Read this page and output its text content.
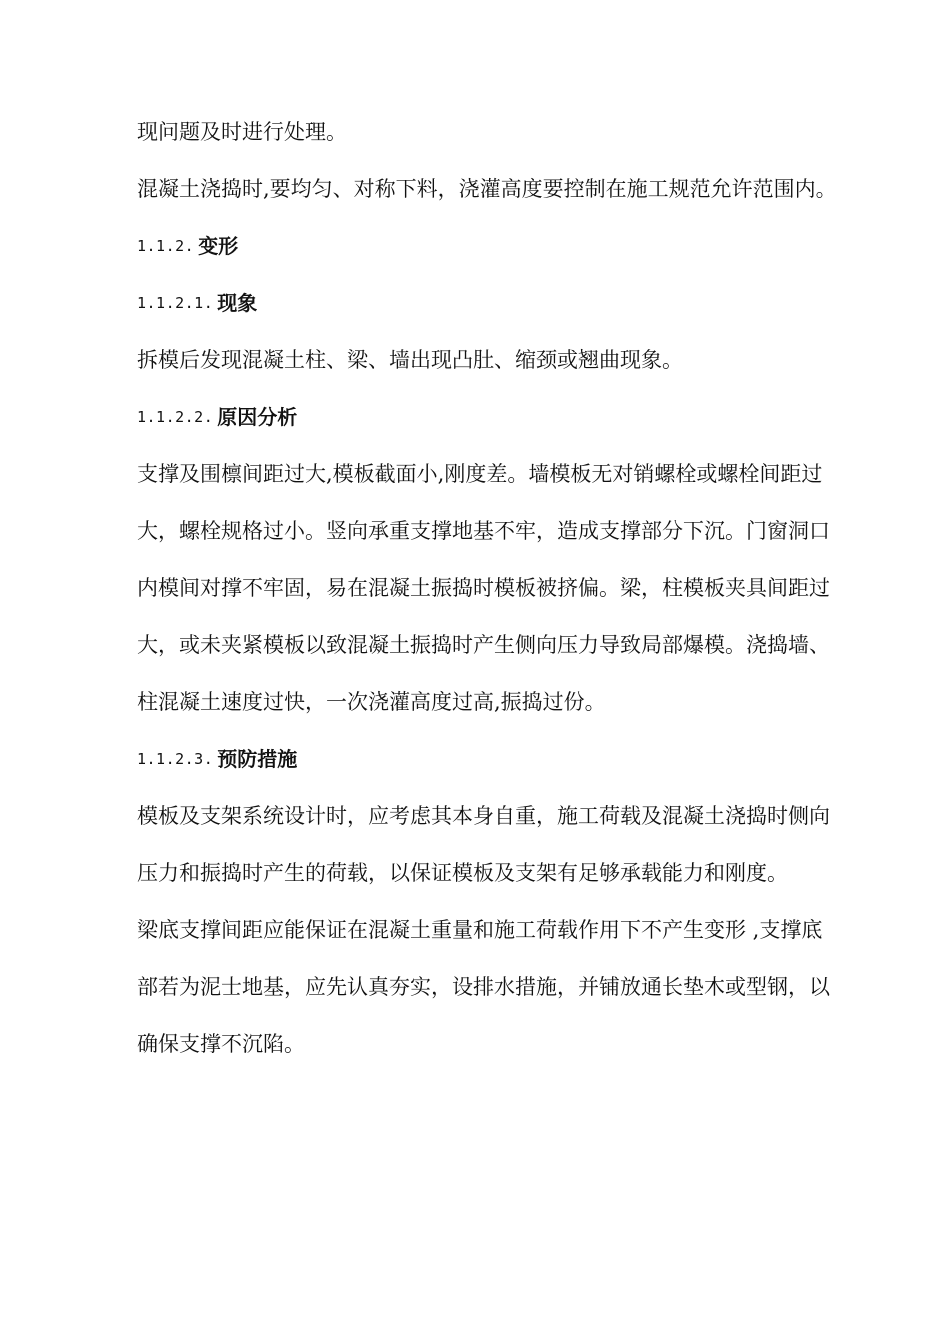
现问题及时进行处理。

混凝土浇捣时,要均匀、对称下料，浇灌高度要控制在施工规范允许范围内。

1.1.2. 变形
1.1.2.1. 现象

拆模后发现混凝土柱、梁、墙出现凸肚、缩颈或翘曲现象。

1.1.2.2. 原因分析

支撑及围檩间距过大,模板截面小,刚度差。墙模板无对销螺栓或螺栓间距过大，螺栓规格过小。竖向承重支撑地基不牢，造成支撑部分下沉。门窗洞口内模间对撑不牢固，易在混凝土振捣时模板被挤偏。梁，柱模板夹具间距过大，或未夹紧模板以致混凝土振捣时产生侧向压力导致局部爆模。浇捣墙、柱混凝土速度过快，一次浇灌高度过高,振捣过份。

1.1.2.3. 预防措施

模板及支架系统设计时，应考虑其本身自重，施工荷载及混凝土浇捣时侧向压力和振捣时产生的荷载，以保证模板及支架有足够承载能力和刚度。

梁底支撑间距应能保证在混凝土重量和施工荷载作用下不产生变形 ,支撑底部若为泥士地基，应先认真夯实，设排水措施，并铺放通长垫木或型钢，以确保支撑不沉陷。
